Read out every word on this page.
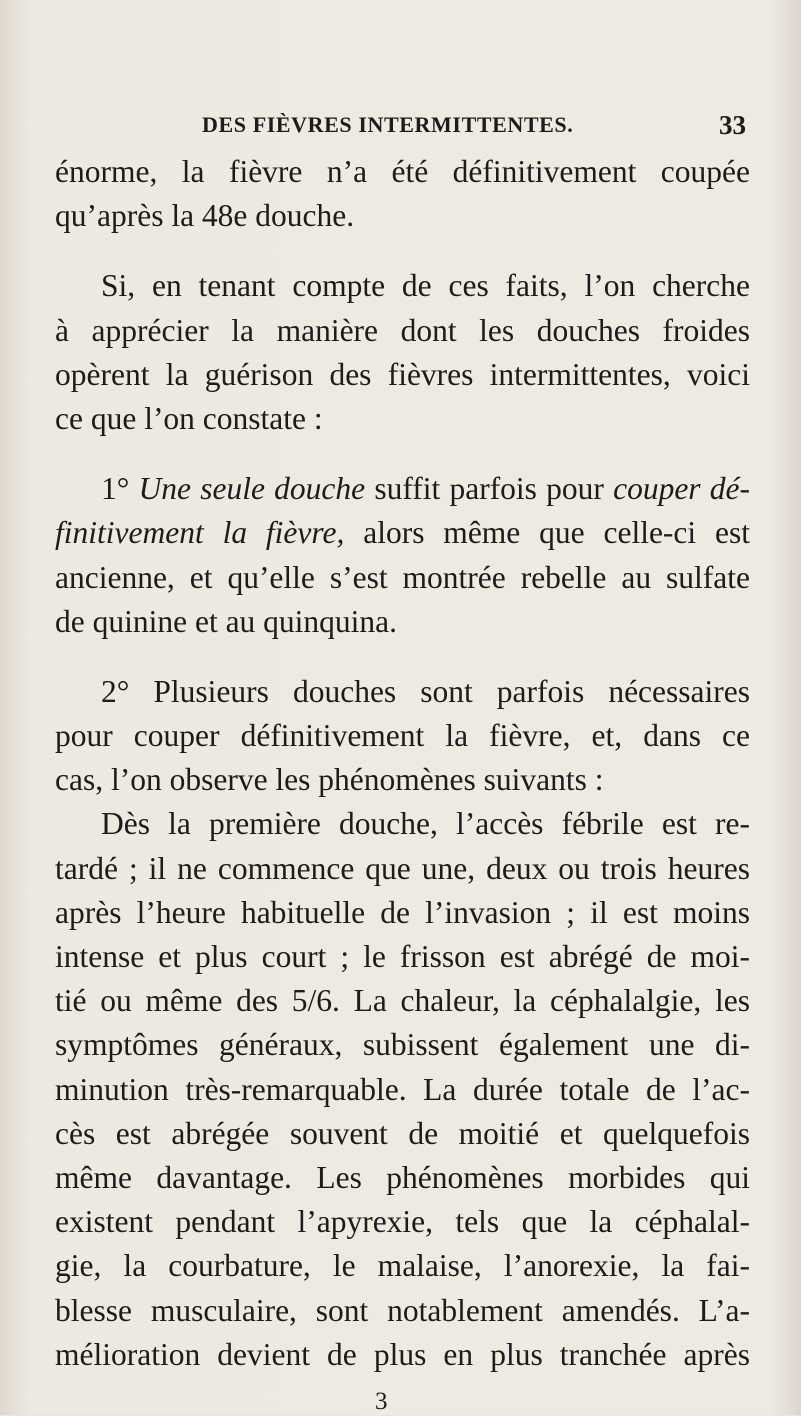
DES FIÈVRES INTERMITTENTES.	33
énorme, la fièvre n’a été définitivement coupée
qu’après la 48e douche.
Si, en tenant compte de ces faits, l’on cherche
à apprécier la manière dont les douches froides
opèrent la guérison des fièvres intermittentes, voici
ce que l’on constate :
1° Une seule douche suffit parfois pour couper dé-
finitivement la fièvre, alors même que celle-ci est
ancienne, et qu’elle s’est montrée rebelle au sulfate
de quinine et au quinquina.
2° Plusieurs douches sont parfois nécessaires
pour couper définitivement la fièvre, et, dans ce
cas, l’on observe les phénomènes suivants :
Dès la première douche, l’accès fébrile est re-
tardé ; il ne commence que une, deux ou trois heures
après l’heure habituelle de l’invasion ; il est moins
intense et plus court ; le frisson est abrégé de moi-
tié ou même des 5/6. La chaleur, la céphalalgie, les
symptômes généraux, subissent également une di-
minution très-remarquable. La durée totale de l’ac-
cès est abrégée souvent de moitié et quelquefois
même davantage. Les phénomènes morbides qui
existent pendant l’apyrexie, tels que la céphalal-
gie, la courbature, le malaise, l’anorexie, la fai-
blesse musculaire, sont notablement amendés. L’a-
mélioration devient de plus en plus tranchée après
3
